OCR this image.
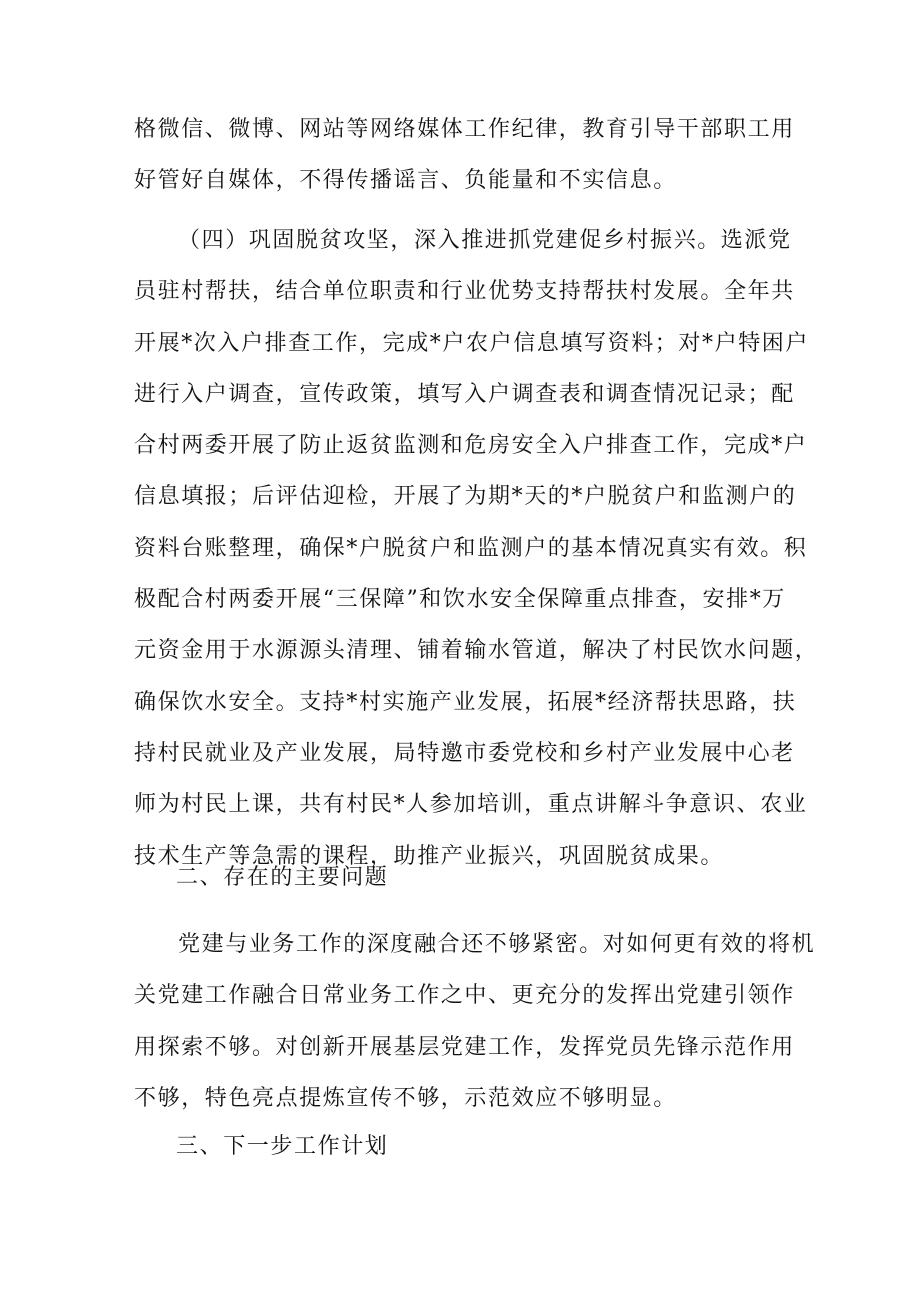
格微信、微博、网站等网络媒体工作纪律，教育引导干部职工用
好管好自媒体，不得传播谣言、负能量和不实信息。
（四）巩固脱贫攻坚，深入推进抓党建促乡村振兴。选派党
员驻村帮扶，结合单位职责和行业优势支持帮扶村发展。全年共
开展*次入户排查工作，完成*户农户信息填写资料；对*户特困户
进行入户调查，宣传政策，填写入户调查表和调查情况记录；配
合村两委开展了防止返贫监测和危房安全入户排查工作，完成*户
信息填报；后评估迎检，开展了为期*天的*户脱贫户和监测户的
资料台账整理，确保*户脱贫户和监测户的基本情况真实有效。积
极配合村两委开展“三保障”和饮水安全保障重点排查，安排*万
元资金用于水源源头清理、铺着输水管道，解决了村民饮水问题，
确保饮水安全。支持*村实施产业发展，拓展*经济帮扶思路，扶
持村民就业及产业发展，局特邀市委党校和乡村产业发展中心老
师为村民上课，共有村民*人参加培训，重点讲解斗争意识、农业
技术生产等急需的课程，助推产业振兴，巩固脱贫成果。
二、存在的主要问题
党建与业务工作的深度融合还不够紧密。对如何更有效的将机
关党建工作融合日常业务工作之中、更充分的发挥出党建引领作
用探索不够。对创新开展基层党建工作，发挥党员先锋示范作用
不够，特色亮点提炼宣传不够，示范效应不够明显。
三、下一步工作计划
